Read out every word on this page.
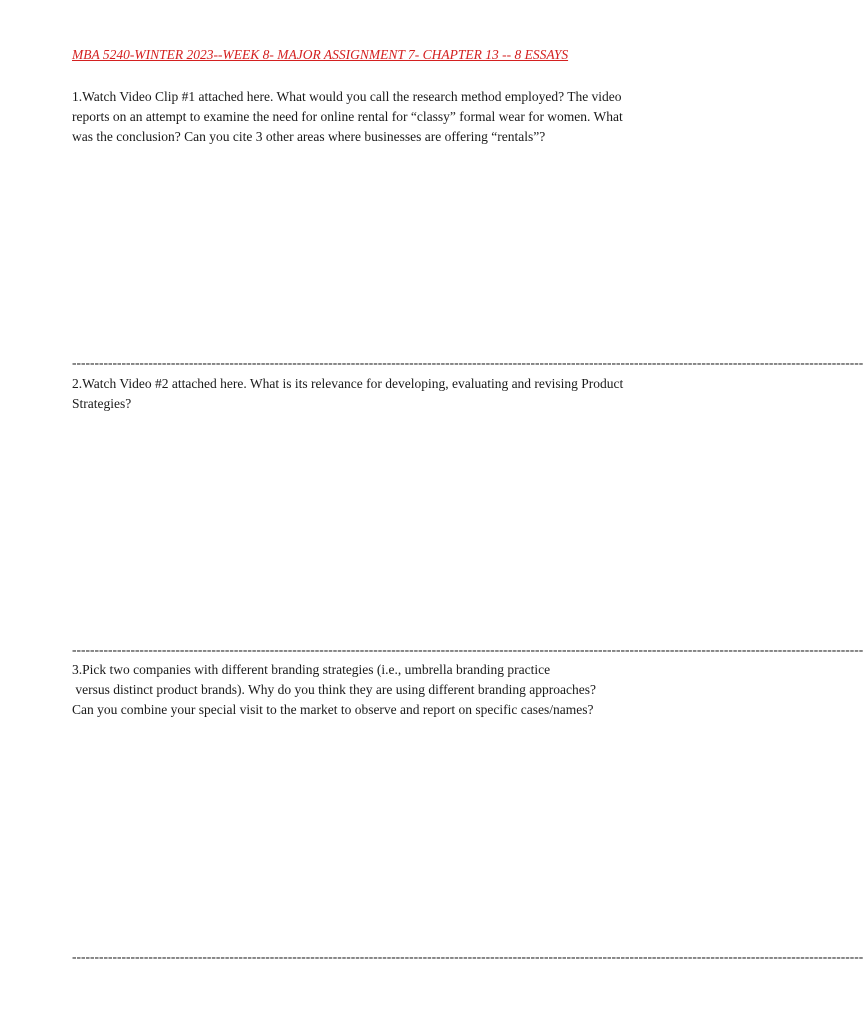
MBA 5240-WINTER 2023--WEEK 8- MAJOR ASSIGNMENT 7- CHAPTER 13 -- 8 ESSAYS
1.Watch Video Clip #1 attached here. What would you call the research method employed? The video
reports on an attempt to examine the need for online rental for “classy” formal wear for women. What
was the conclusion? Can you cite 3 other areas where businesses are offering “rentals”?
--------------------------------------------------------------------------------------------------------------------------------------------------------------------------------
2.Watch Video #2 attached here. What is its relevance for developing, evaluating and revising Product
Strategies?
--------------------------------------------------------------------------------------------------------------------------------------------------------------------------------
3.Pick two companies with different branding strategies (i.e., umbrella branding practice
versus distinct product brands). Why do you think they are using different branding approaches?
Can you combine your special visit to the market to observe and report on specific cases/names?
--------------------------------------------------------------------------------------------------------------------------------------------------------------------------------
